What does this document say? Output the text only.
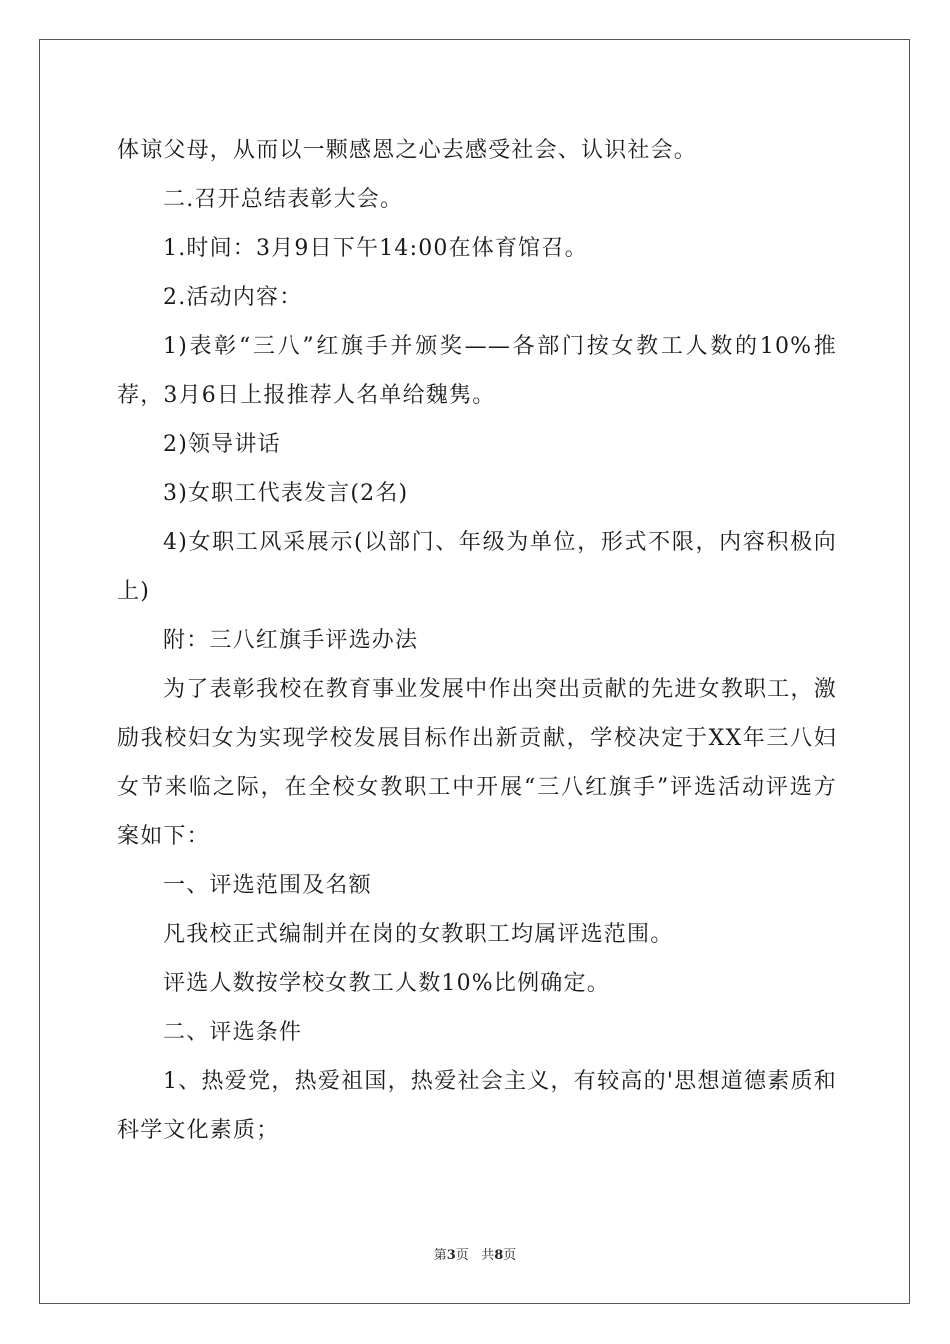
体谅父母，从而以一颗感恩之心去感受社会、认识社会。

二.召开总结表彰大会。

1.时间：3月9日下午14:00在体育馆召。

2.活动内容：

1)表彰“三八”红旗手并颁奖——各部门按女教工人数的10%推荐，3月6日上报推荐人名单给魏隽。

2)领导讲话

3)女职工代表发言(2名)

4)女职工风采展示(以部门、年级为单位，形式不限，内容积极向上)

附：三八红旗手评选办法

为了表彰我校在教育事业发展中作出突出贡献的先进女教职工，激励我校妇女为实现学校发展目标作出新贡献，学校决定于XX年三八妇女节来临之际，在全校女教职工中开展“三八红旗手”评选活动评选方案如下：

一、评选范围及名额

凡我校正式编制并在岗的女教职工均属评选范围。

评选人数按学校女教工人数10%比例确定。

二、评选条件

1、热爱党，热爱祖国，热爱社会主义，有较高的'思想道德素质和科学文化素质；

第3页 共8页
